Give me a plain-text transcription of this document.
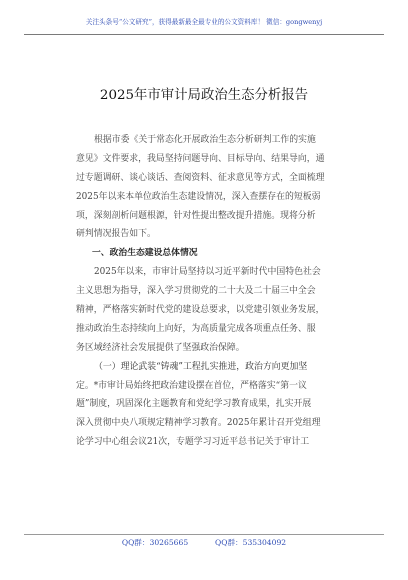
关注头条号“公文研究”，获得最新最全最专业的公文资料库！ 微信：gongwenyj
2025年市审计局政治生态分析报告
根据市委《关于常态化开展政治生态分析研判工作的实施
意见》文件要求，我局坚持问题导向、目标导向、结果导向，通
过专题调研、谈心谈话、查阅资料、征求意见等方式，全面梳理
2025年以来本单位政治生态建设情况，深入查摆存在的短板弱
项，深刻剖析问题根源，针对性提出整改提升措施。现将分析
研判情况报告如下。
一、政治生态建设总体情况
2025年以来，市审计局坚持以习近平新时代中国特色社会
主义思想为指导，深入学习贯彻党的二十大及二十届三中全会
精神，严格落实新时代党的建设总要求，以党建引领业务发展，
推动政治生态持续向上向好，为高质量完成各项重点任务、服
务区域经济社会发展提供了坚强政治保障。
（一）理论武装“铸魂”工程扎实推进，政治方向更加坚
定。*市审计局始终把政治建设摆在首位，严格落实“第一议
题”制度，巩固深化主题教育和党纪学习教育成果，扎实开展
深入贯彻中央八项规定精神学习教育。2025年累计召开党组理
论学习中心组会议21次，专题学习习近平总书记关于审计工
QQ群：30265665	QQ群：535304092
